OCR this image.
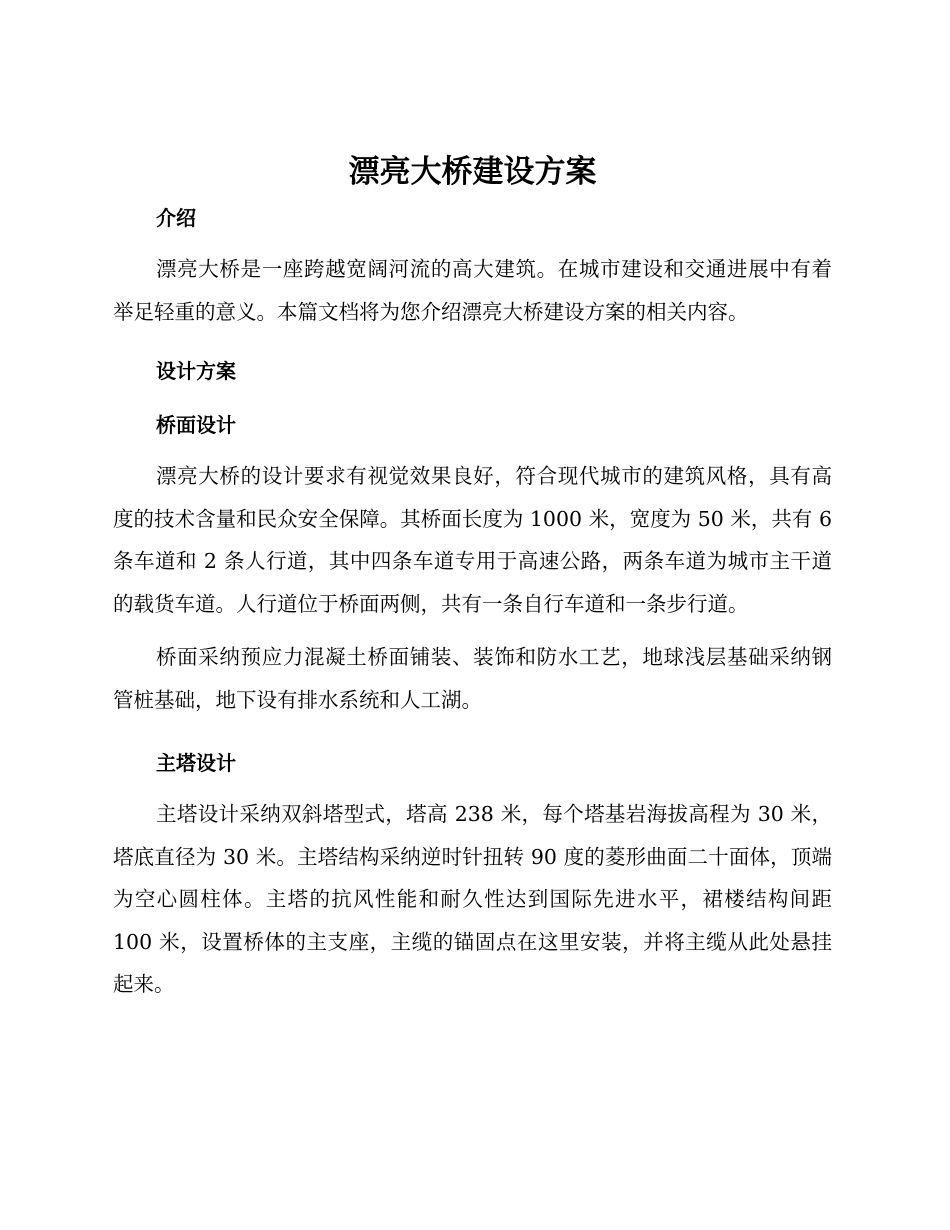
漂亮大桥建设方案
介绍

漂亮大桥是一座跨越宽阔河流的高大建筑。在城市建设和交通进展中有着举足轻重的意义。本篇文档将为您介绍漂亮大桥建设方案的相关内容。

设计方案
桥面设计

漂亮大桥的设计要求有视觉效果良好，符合现代城市的建筑风格，具有高度的技术含量和民众安全保障。其桥面长度为 1000 米，宽度为 50 米，共有 6 条车道和 2 条人行道，其中四条车道专用于高速公路，两条车道为城市主干道的载货车道。人行道位于桥面两侧，共有一条自行车道和一条步行道。

桥面采纳预应力混凝土桥面铺装、装饰和防水工艺，地球浅层基础采纳钢管桩基础，地下设有排水系统和人工湖。

主塔设计

主塔设计采纳双斜塔型式，塔高 238 米，每个塔基岩海拔高程为 30 米，塔底直径为 30 米。主塔结构采纳逆时针扭转 90 度的菱形曲面二十面体，顶端为空心圆柱体。主塔的抗风性能和耐久性达到国际先进水平，裙楼结构间距 100 米，设置桥体的主支座，主缆的锚固点在这里安装，并将主缆从此处悬挂起来。
